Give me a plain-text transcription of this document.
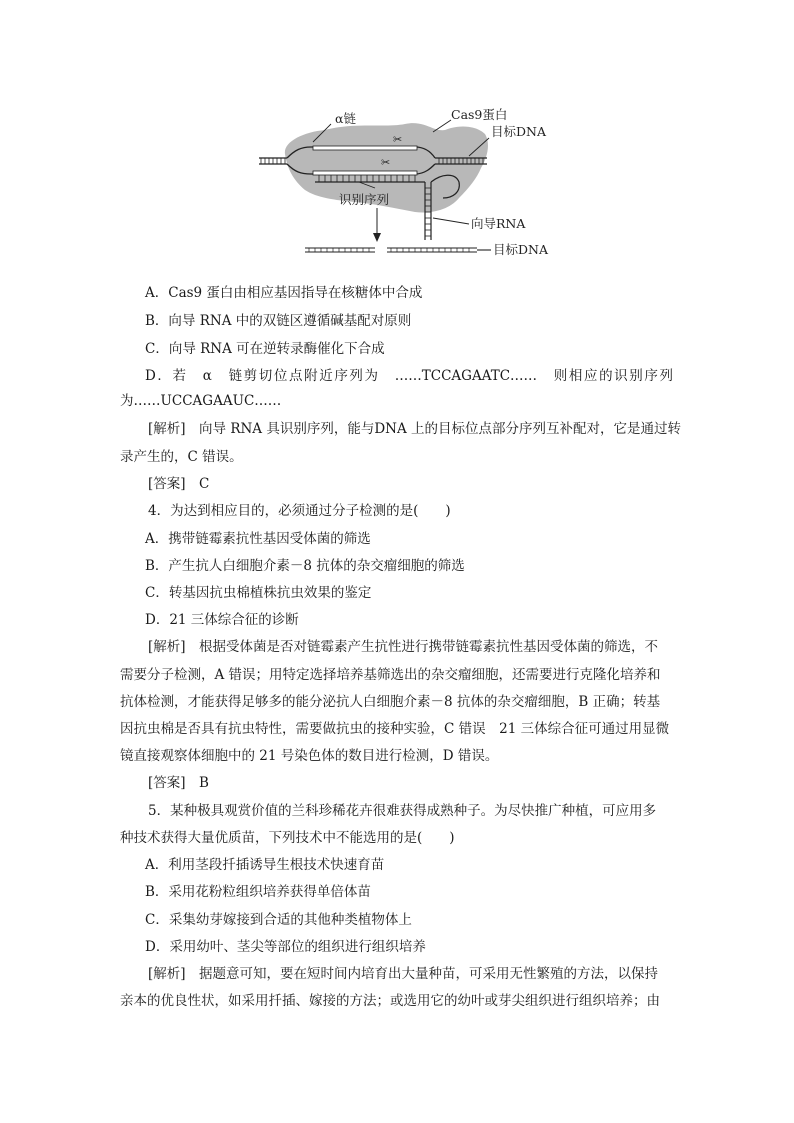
✂
✂
α链	Cas9蛋白
目标DNA
识别序列
向导RNA
目标DNA
A．Cas9 蛋白由相应基因指导在核糖体中合成
B．向导 RNA 中的双链区遵循碱基配对原则
C．向导 RNA 可在逆转录酶催化下合成
D．若　α　链剪切位点附近序列为　……TCCAGAATC……　则相应的识别序列
为……UCCAGAAUC……
[解析]　向导 RNA 具识别序列，能与DNA 上的目标位点部分序列互补配对，它是通过转
录产生的，C 错误。
[答案]　C
4．为达到相应目的，必须通过分子检测的是(　　)
A．携带链霉素抗性基因受体菌的筛选
B．产生抗人白细胞介素－8 抗体的杂交瘤细胞的筛选
C．转基因抗虫棉植株抗虫效果的鉴定
D．21 三体综合征的诊断
[解析]　根据受体菌是否对链霉素产生抗性进行携带链霉素抗性基因受体菌的筛选，不
需要分子检测，A 错误；用特定选择培养基筛选出的杂交瘤细胞，还需要进行克隆化培养和
抗体检测，才能获得足够多的能分泌抗人白细胞介素－8 抗体的杂交瘤细胞，B 正确；转基
因抗虫棉是否具有抗虫特性，需要做抗虫的接种实验，C 错误　21 三体综合征可通过用显微
镜直接观察体细胞中的 21 号染色体的数目进行检测，D 错误。
[答案]　B
5．某种极具观赏价值的兰科珍稀花卉很难获得成熟种子。为尽快推广种植，可应用多
种技术获得大量优质苗，下列技术中不能选用的是(　　)
A．利用茎段扦插诱导生根技术快速育苗
B．采用花粉粒组织培养获得单倍体苗
C．采集幼芽嫁接到合适的其他种类植物体上
D．采用幼叶、茎尖等部位的组织进行组织培养
[解析]　据题意可知，要在短时间内培育出大量种苗，可采用无性繁殖的方法，以保持
亲本的优良性状，如采用扦插、嫁接的方法；或选用它的幼叶或芽尖组织进行组织培养；由
